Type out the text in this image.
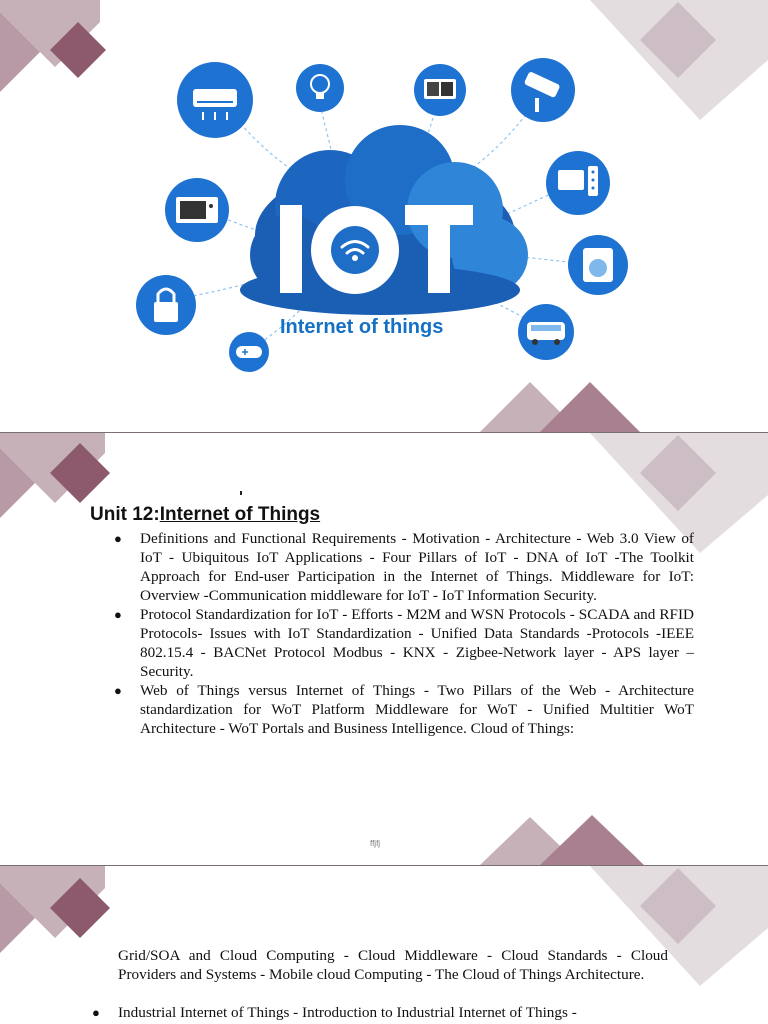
Internet of things
Unit 12:Internet of Things
● Definitions and Functional Requirements - Motivation - Architecture - Web 3.0 View of IoT - Ubiquitous IoT Applications - Four Pillars of IoT - DNA of IoT -The Toolkit Approach for End-user Participation in the Internet of Things. Middleware for IoT: Overview -Communication middleware for IoT - IoT Information Security.
● Protocol Standardization for IoT - Efforts - M2M and WSN Protocols - SCADA and RFID Protocols- Issues with IoT Standardization - Unified Data Standards -Protocols -IEEE 802.15.4 - BACNet Protocol Modbus - KNX - Zigbee-Network layer - APS layer –Security.
● Web of Things versus Internet of Things - Two Pillars of the Web - Architecture standardization for WoT Platform Middleware for WoT - Unified Multitier WoT Architecture - WoT Portals and Business Intelligence. Cloud of Things:
ffjfj

Grid/SOA and Cloud Computing - Cloud Middleware - Cloud Standards - Cloud Providers and Systems - Mobile cloud Computing - The Cloud of Things Architecture.

● Industrial Internet of Things - Introduction to Industrial Internet of Things -
